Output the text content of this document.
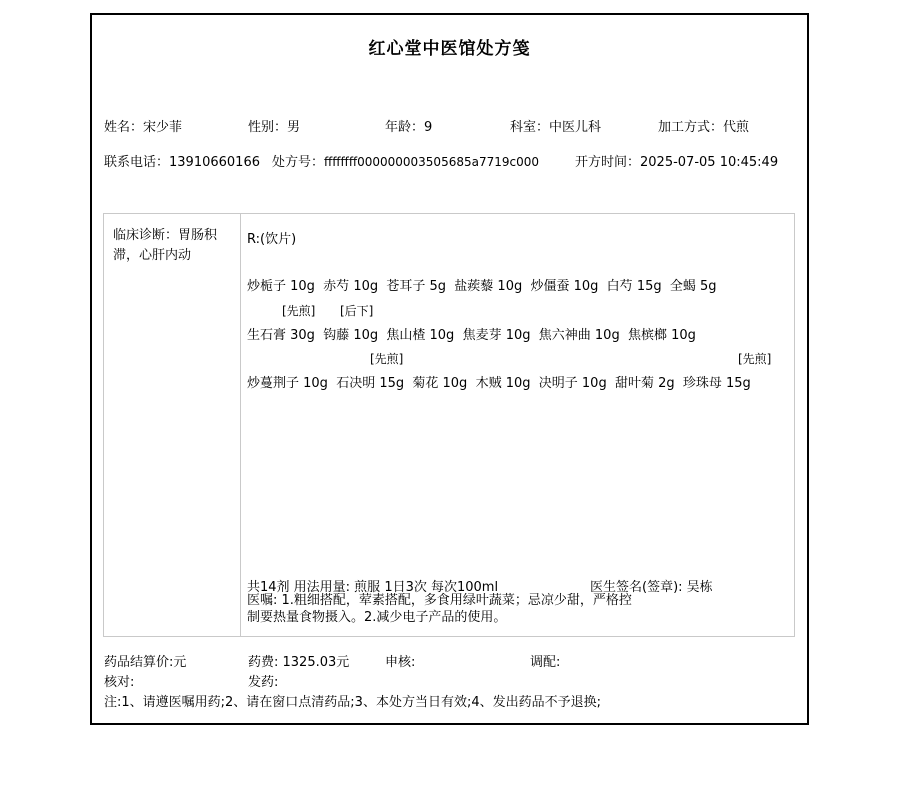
红心堂中医馆处方笺
姓名：宋少菲	性别：男	年龄：9	科室：中医儿科	加工方式：代煎
联系电话：13910660166 处方号：ffffffff000000003505685a7719c000	开方时间：2025-07-05 10:45:49
临床诊断：胃肠积滞，心肝内动
R:(饮片)
炒栀子 10g  赤芍 10g  苍耳子 5g  盐蒺藜 10g  炒僵蚕 10g  白芍 15g  全蝎 5g
[先煎] [后下]
生石膏 30g  钩藤 10g  焦山楂 10g  焦麦芽 10g  焦六神曲 10g  焦槟榔 10g
[先煎]	[先煎]
炒蔓荆子 10g  石决明 15g  菊花 10g  木贼 10g  决明子 10g  甜叶菊 2g  珍珠母 15g
共14剂 用法用量: 煎服 1日3次 每次100ml	医生签名(签章): 吴栋
医嘱: 1.粗细搭配，荤素搭配，多食用绿叶蔬菜；忌凉少甜，严格控制要热量食物摄入。2.减少电子产品的使用。
药品结算价:元	药费: 1325.03元	申核:	调配:
核对:	发药:
注:1、请遵医嘱用药;2、请在窗口点清药品;3、本处方当日有效;4、发出药品不予退换;
